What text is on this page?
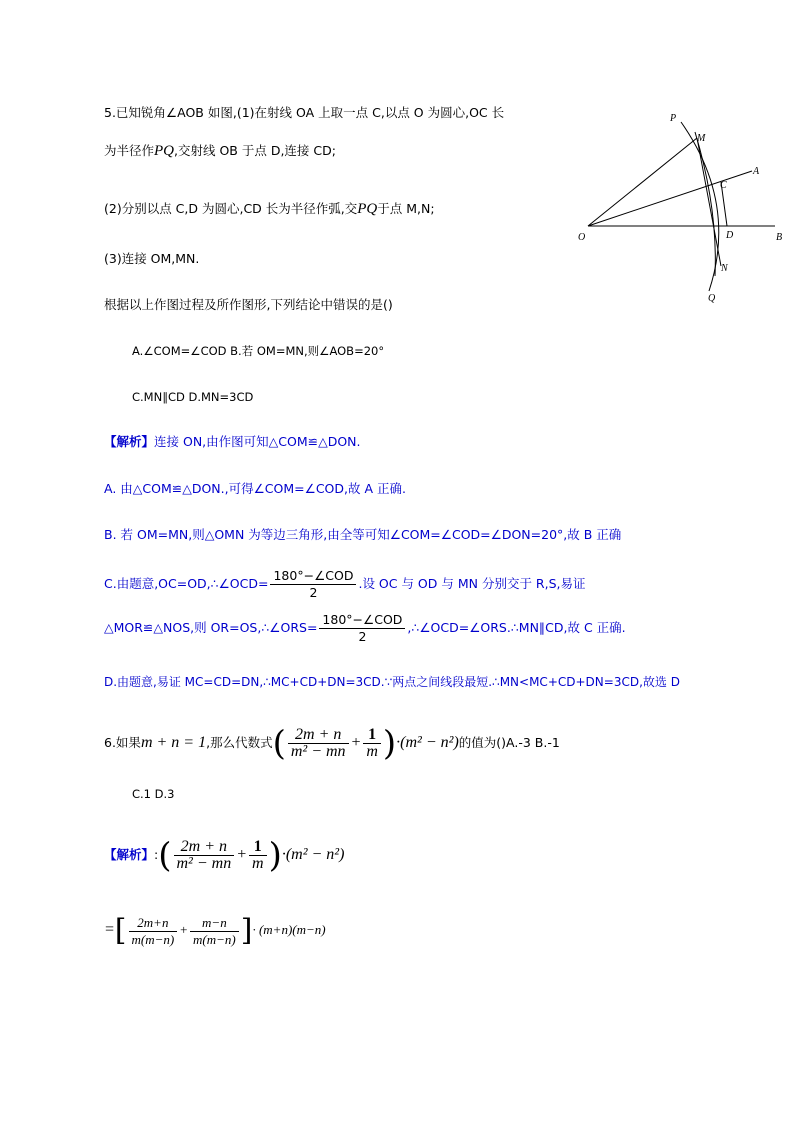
5.已知锐角∠AOB 如图,(1)在射线 OA 上取一点 C,以点 O 为圆心,OC 长
为半径作PQ,交射线 OB 于点 D,连接 CD;
(2)分别以点 C,D 为圆心,CD 长为半径作弧,交PQ于点 M,N;
(3)连接 OM,MN.
根据以上作图过程及所作图形,下列结论中错误的是()
A.∠COM=∠COD B.若 OM=MN,则∠AOB=20°
C.MN∥CD D.MN=3CD
P
M
A
C
O	D	B
N
Q
【解析】连接 ON,由作图可知△COM≌△DON.
A. 由△COM≌△DON.,可得∠COM=∠COD,故 A 正确.
B. 若 OM=MN,则△OMN 为等边三角形,由全等可知∠COM=∠COD=∠DON=20°,故 B 正确
C.由题意,OC=OD,∴∠OCD= $\frac{\text{180°−∠COD}}{2}$ .设 OC 与 OD 与 MN 分别交于 R,S,易证
△MOR≌△NOS,则 OR=OS,∴∠ORS= $\frac{\text{180°−∠COD}}{2}$ ,∴∠OCD=∠ORS.∴MN∥CD,故 C 正确.
D.由题意,易证 MC=CD=DN,∴MC+CD+DN=3CD.∵两点之间线段最短.∴MN<MC+CD+DN=3CD,故选 D
6.如果m + n = 1,那么代数式( $\frac{2m + n}{\text{m² − mn}} + \frac{1}{m} )\cdot(m^2 - n^2)$的值为()A.-3 B.-1
C.1 D.3
【解析】:( $\frac{2m + n}{\text{m² − mn}} + \frac{1}{m} )\cdot(m^2 - n^2)$
=[ $\frac{2m+n}{m(m-n)} + \frac{m-n}{m(m-n)}$ ]· (m+n)(m−n)
